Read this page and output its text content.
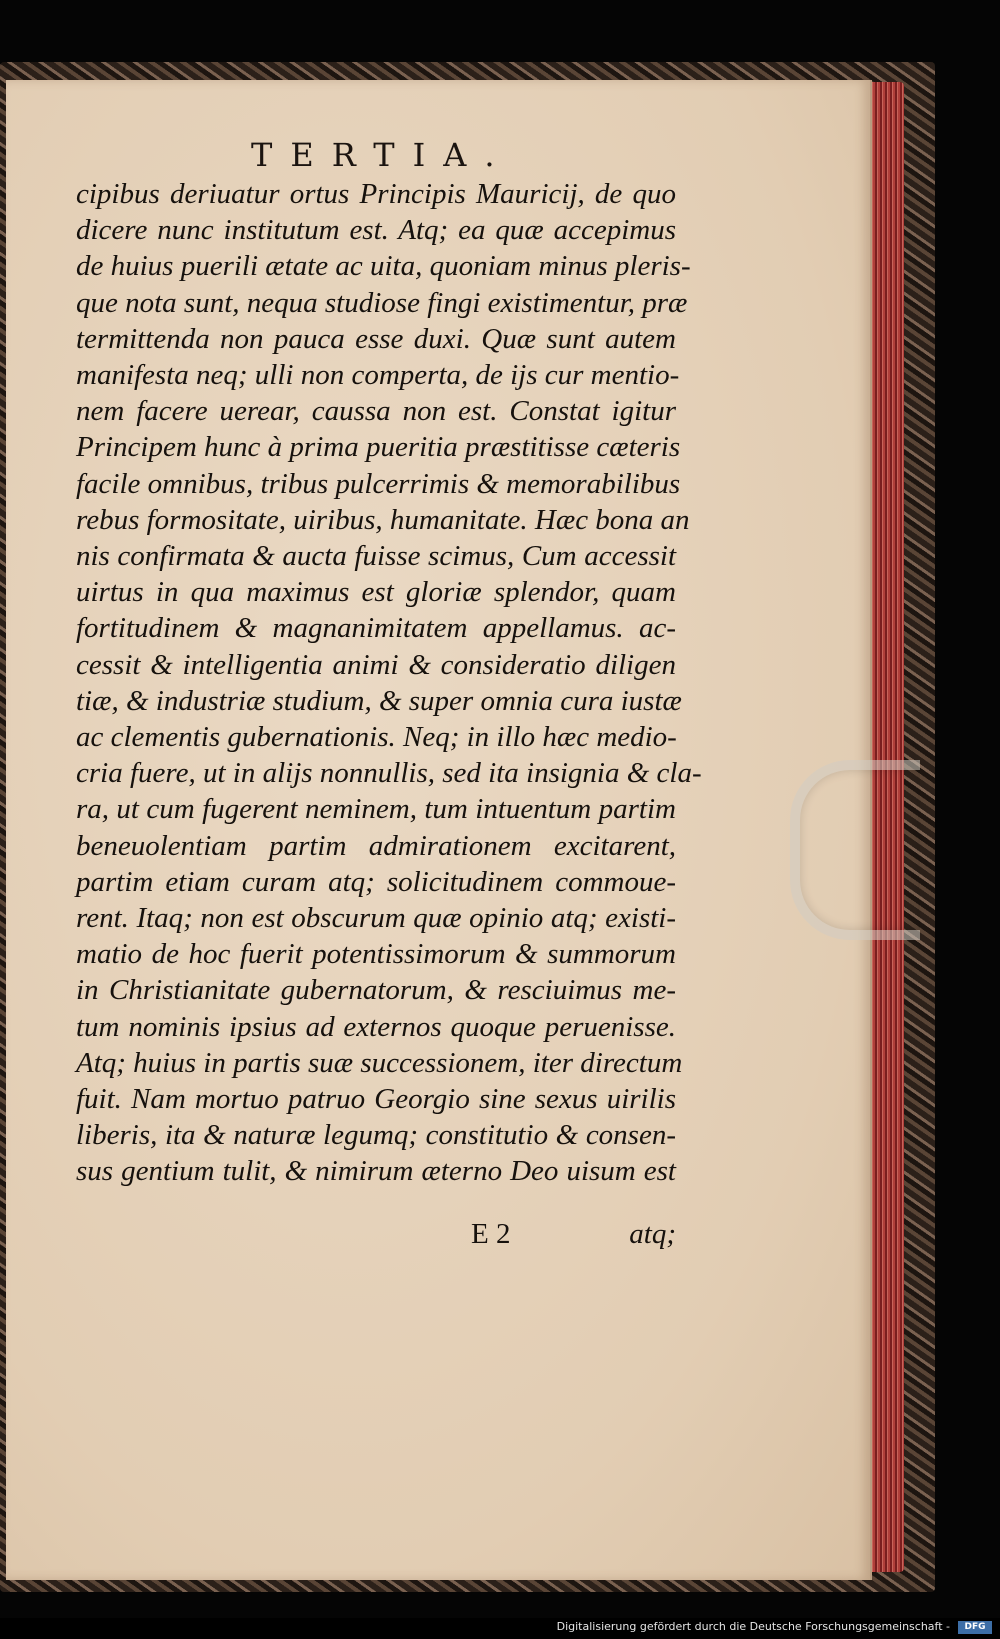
TERTIA.
cipibus deriuatur ortus Principis Mauricij, de quo
dicere nunc institutum est. Atq; ea quæ accepimus
de huius puerili ætate ac uita, quoniam minus pleris-
que nota sunt, nequa studiose fingi existimentur, præ
termittenda non pauca esse duxi. Quæ sunt autem
manifesta neq; ulli non comperta, de ijs cur mentio-
nem facere uerear, caussa non est. Constat igitur
Principem hunc à prima pueritia præstitisse cæteris
facile omnibus, tribus pulcerrimis & memorabilibus
rebus formositate, uiribus, humanitate. Hæc bona an
nis confirmata & aucta fuisse scimus, Cum accessit
uirtus in qua maximus est gloriæ splendor, quam
fortitudinem & magnanimitatem appellamus. ac-
cessit & intelligentia animi & consideratio diligen
tiæ, & industriæ studium, & super omnia cura iustæ
ac clementis gubernationis. Neq; in illo hæc medio-
cria fuere, ut in alijs nonnullis, sed ita insignia & cla-
ra, ut cum fugerent neminem, tum intuentum partim
beneuolentiam partim admirationem excitarent,
partim etiam curam atq; solicitudinem commoue-
rent. Itaq; non est obscurum quæ opinio atq; existi-
matio de hoc fuerit potentissimorum & summorum
in Christianitate gubernatorum, & resciuimus me-
tum nominis ipsius ad externos quoque peruenisse.
Atq; huius in partis suæ successionem, iter directum
fuit. Nam mortuo patruo Georgio sine sexus uirilis
liberis, ita & naturæ legumq; constitutio & consen-
sus gentium tulit, & nimirum æterno Deo uisum est
E 2	atq;
Digitalisierung gefördert durch die Deutsche Forschungsgemeinschaft -	DFG
